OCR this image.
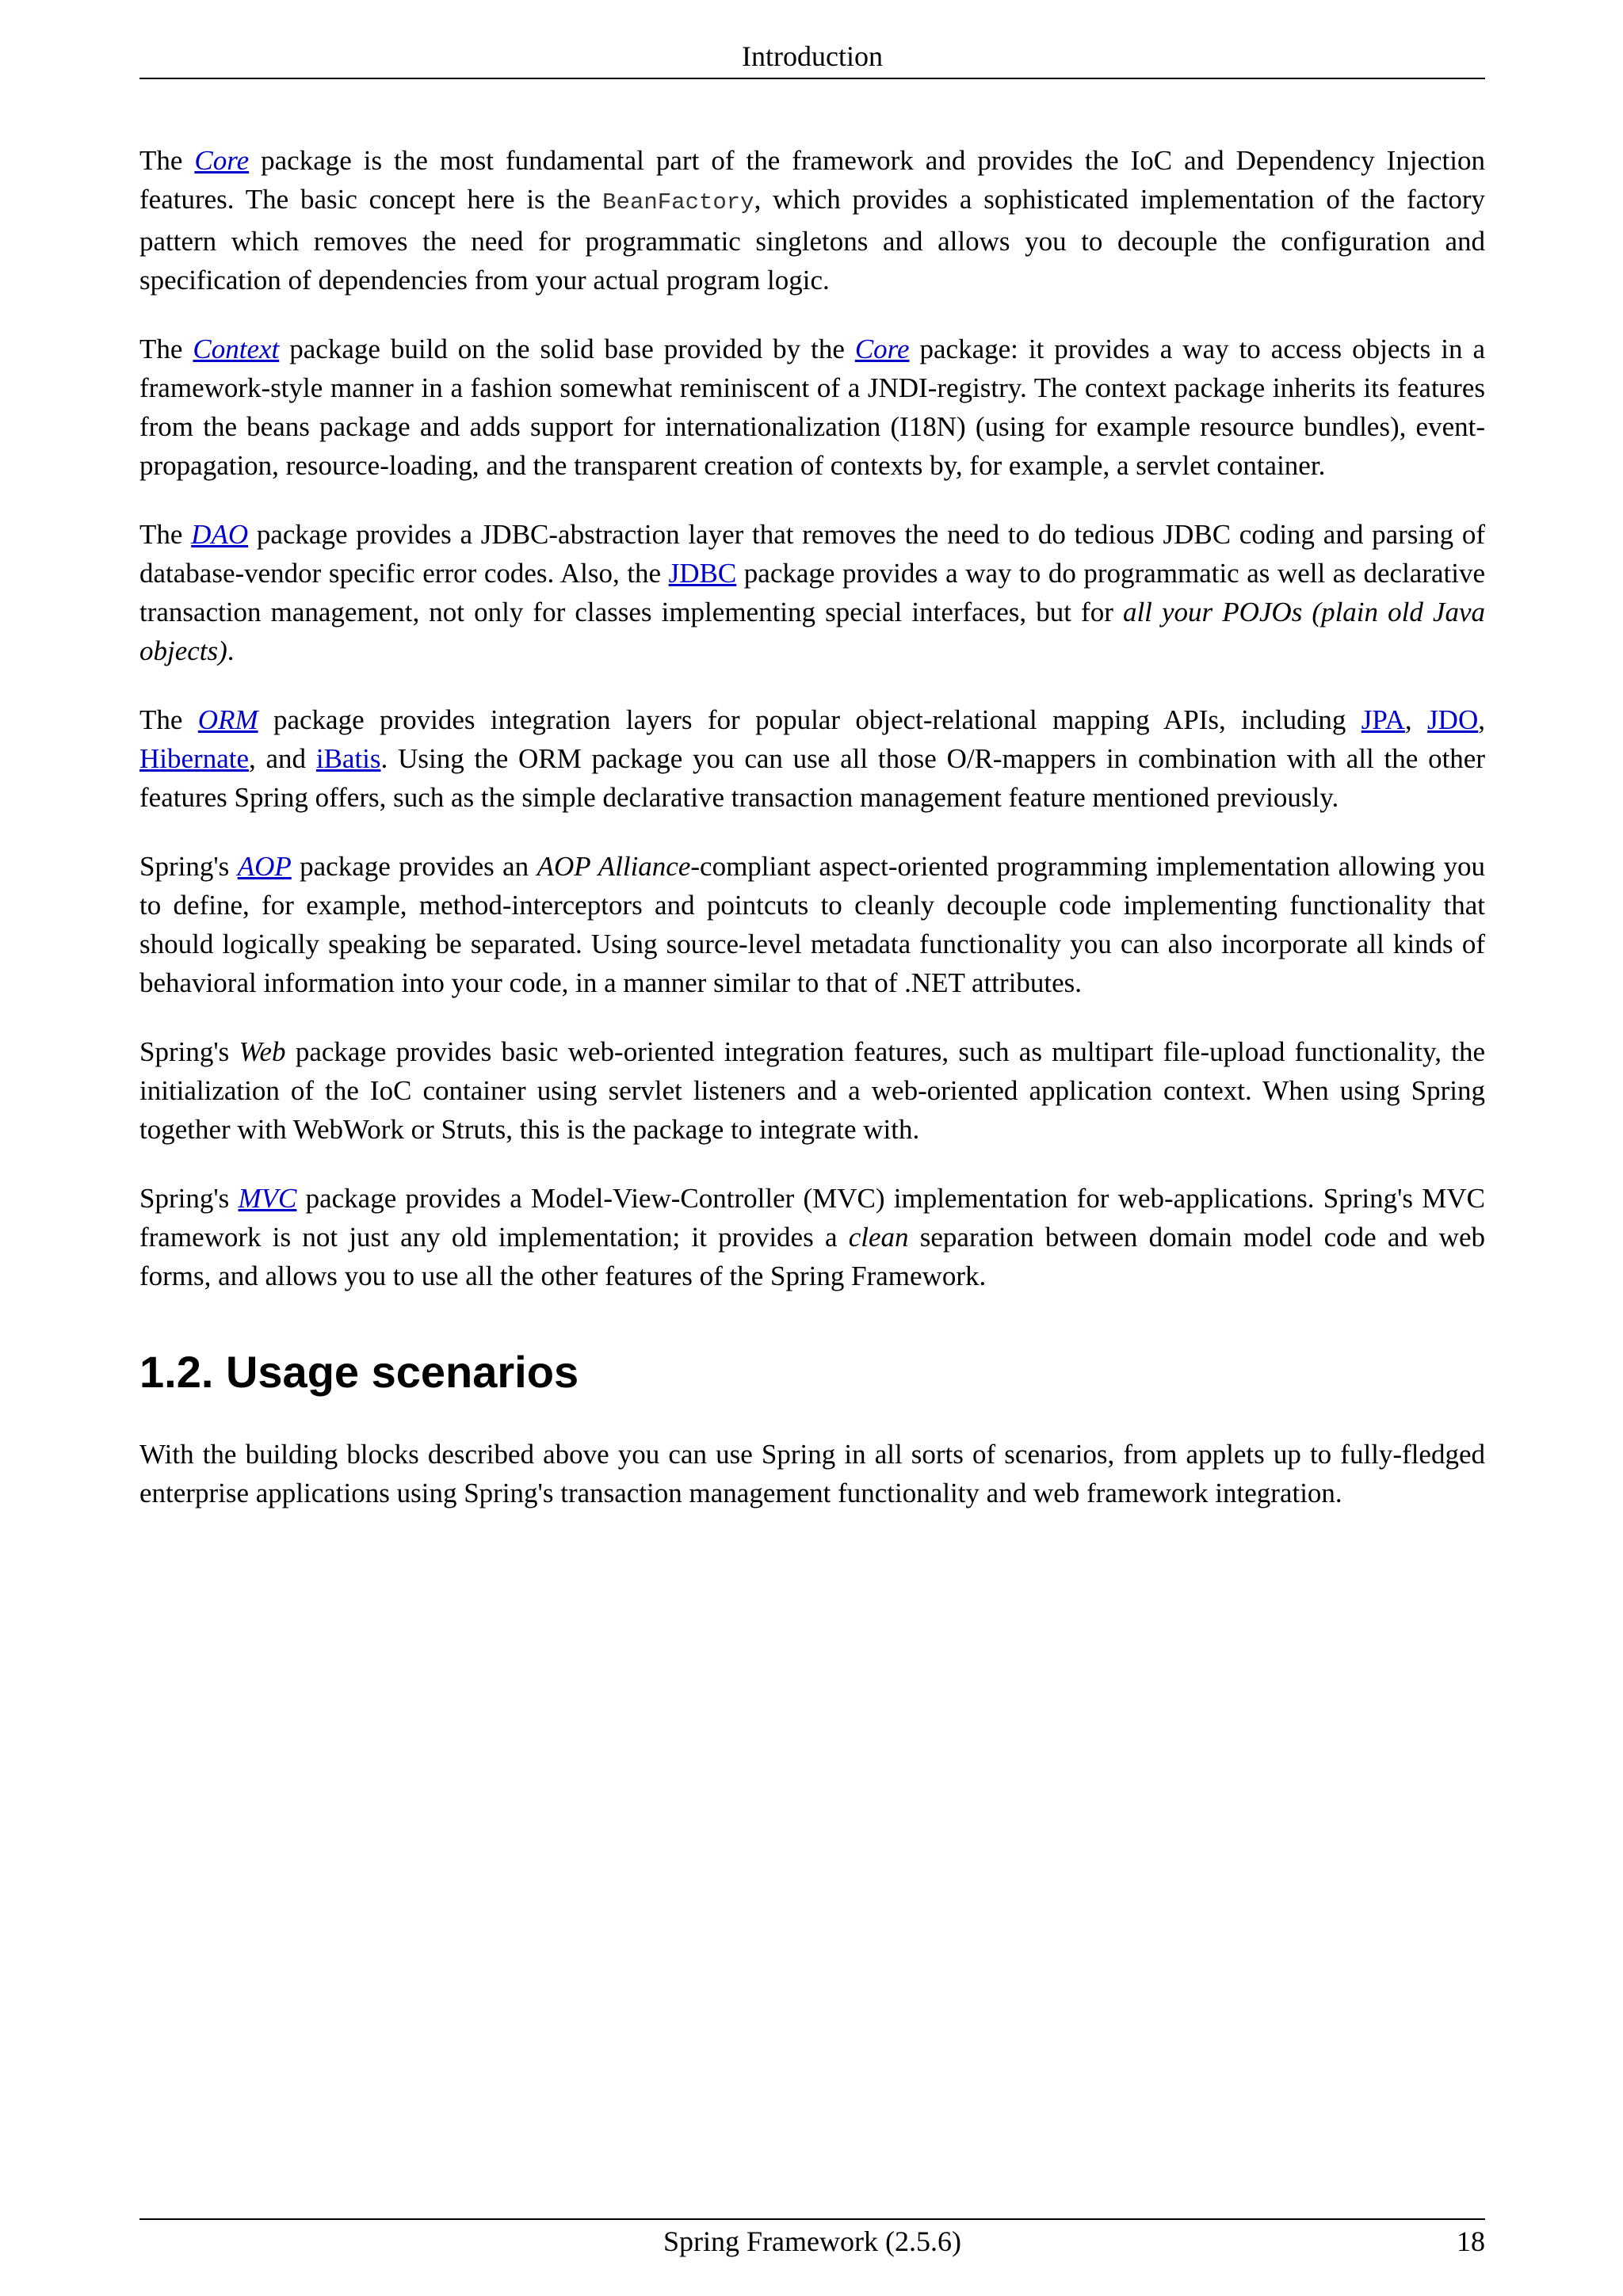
Introduction

The Core package is the most fundamental part of the framework and provides the IoC and Dependency Injection features. The basic concept here is the BeanFactory, which provides a sophisticated implementation of the factory pattern which removes the need for programmatic singletons and allows you to decouple the configuration and specification of dependencies from your actual program logic.

The Context package build on the solid base provided by the Core package: it provides a way to access objects in a framework-style manner in a fashion somewhat reminiscent of a JNDI-registry. The context package inherits its features from the beans package and adds support for internationalization (I18N) (using for example resource bundles), event-propagation, resource-loading, and the transparent creation of contexts by, for example, a servlet container.

The DAO package provides a JDBC-abstraction layer that removes the need to do tedious JDBC coding and parsing of database-vendor specific error codes. Also, the JDBC package provides a way to do programmatic as well as declarative transaction management, not only for classes implementing special interfaces, but for all your POJOs (plain old Java objects).

The ORM package provides integration layers for popular object-relational mapping APIs, including JPA, JDO, Hibernate, and iBatis. Using the ORM package you can use all those O/R-mappers in combination with all the other features Spring offers, such as the simple declarative transaction management feature mentioned previously.

Spring's AOP package provides an AOP Alliance-compliant aspect-oriented programming implementation allowing you to define, for example, method-interceptors and pointcuts to cleanly decouple code implementing functionality that should logically speaking be separated. Using source-level metadata functionality you can also incorporate all kinds of behavioral information into your code, in a manner similar to that of .NET attributes.

Spring's Web package provides basic web-oriented integration features, such as multipart file-upload functionality, the initialization of the IoC container using servlet listeners and a web-oriented application context. When using Spring together with WebWork or Struts, this is the package to integrate with.

Spring's MVC package provides a Model-View-Controller (MVC) implementation for web-applications. Spring's MVC framework is not just any old implementation; it provides a clean separation between domain model code and web forms, and allows you to use all the other features of the Spring Framework.

1.2. Usage scenarios

With the building blocks described above you can use Spring in all sorts of scenarios, from applets up to fully-fledged enterprise applications using Spring's transaction management functionality and web framework integration.

Spring Framework (2.5.6)	18
